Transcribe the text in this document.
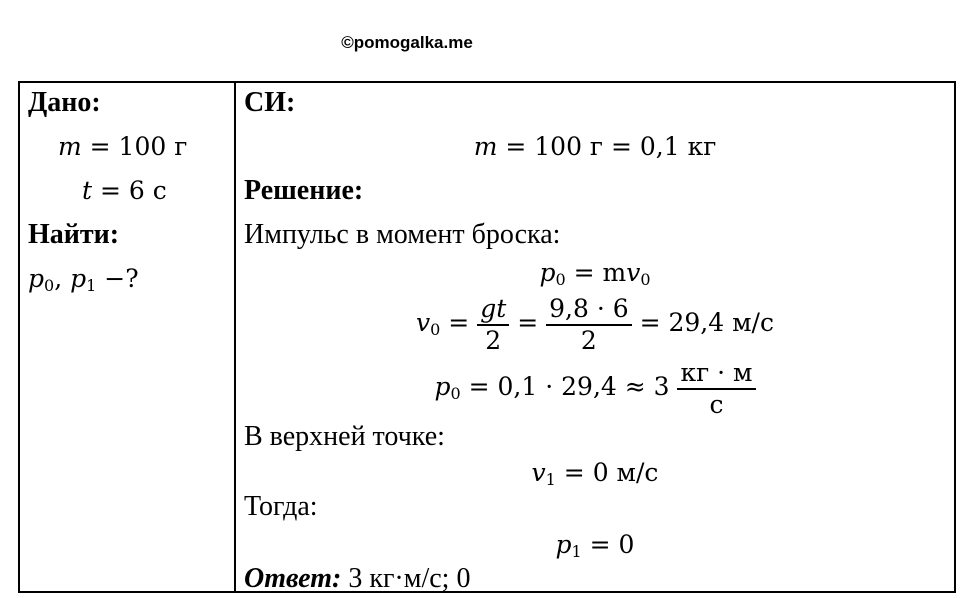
©pomogalka.me
Дано:
m = 100 г
t = 6 с
Найти:
$p_0$, $p_1$ −?
СИ:
m = 100 г = 0,1 кг
Решение:
Импульс в момент броска:
$p_0 = mv_0$
$v_0 = \frac{gt}{2} = \frac{9,8 \cdot 6}{2} = 29,4$ м/с
$p_0 = 0,1 \cdot 29,4 \approx 3 \frac{кг \cdot м}{с}$
В верхней точке:
$v_1 = 0$ м/с
Тогда:
$p_1 = 0$
Ответ: 3 кг·м/с; 0
